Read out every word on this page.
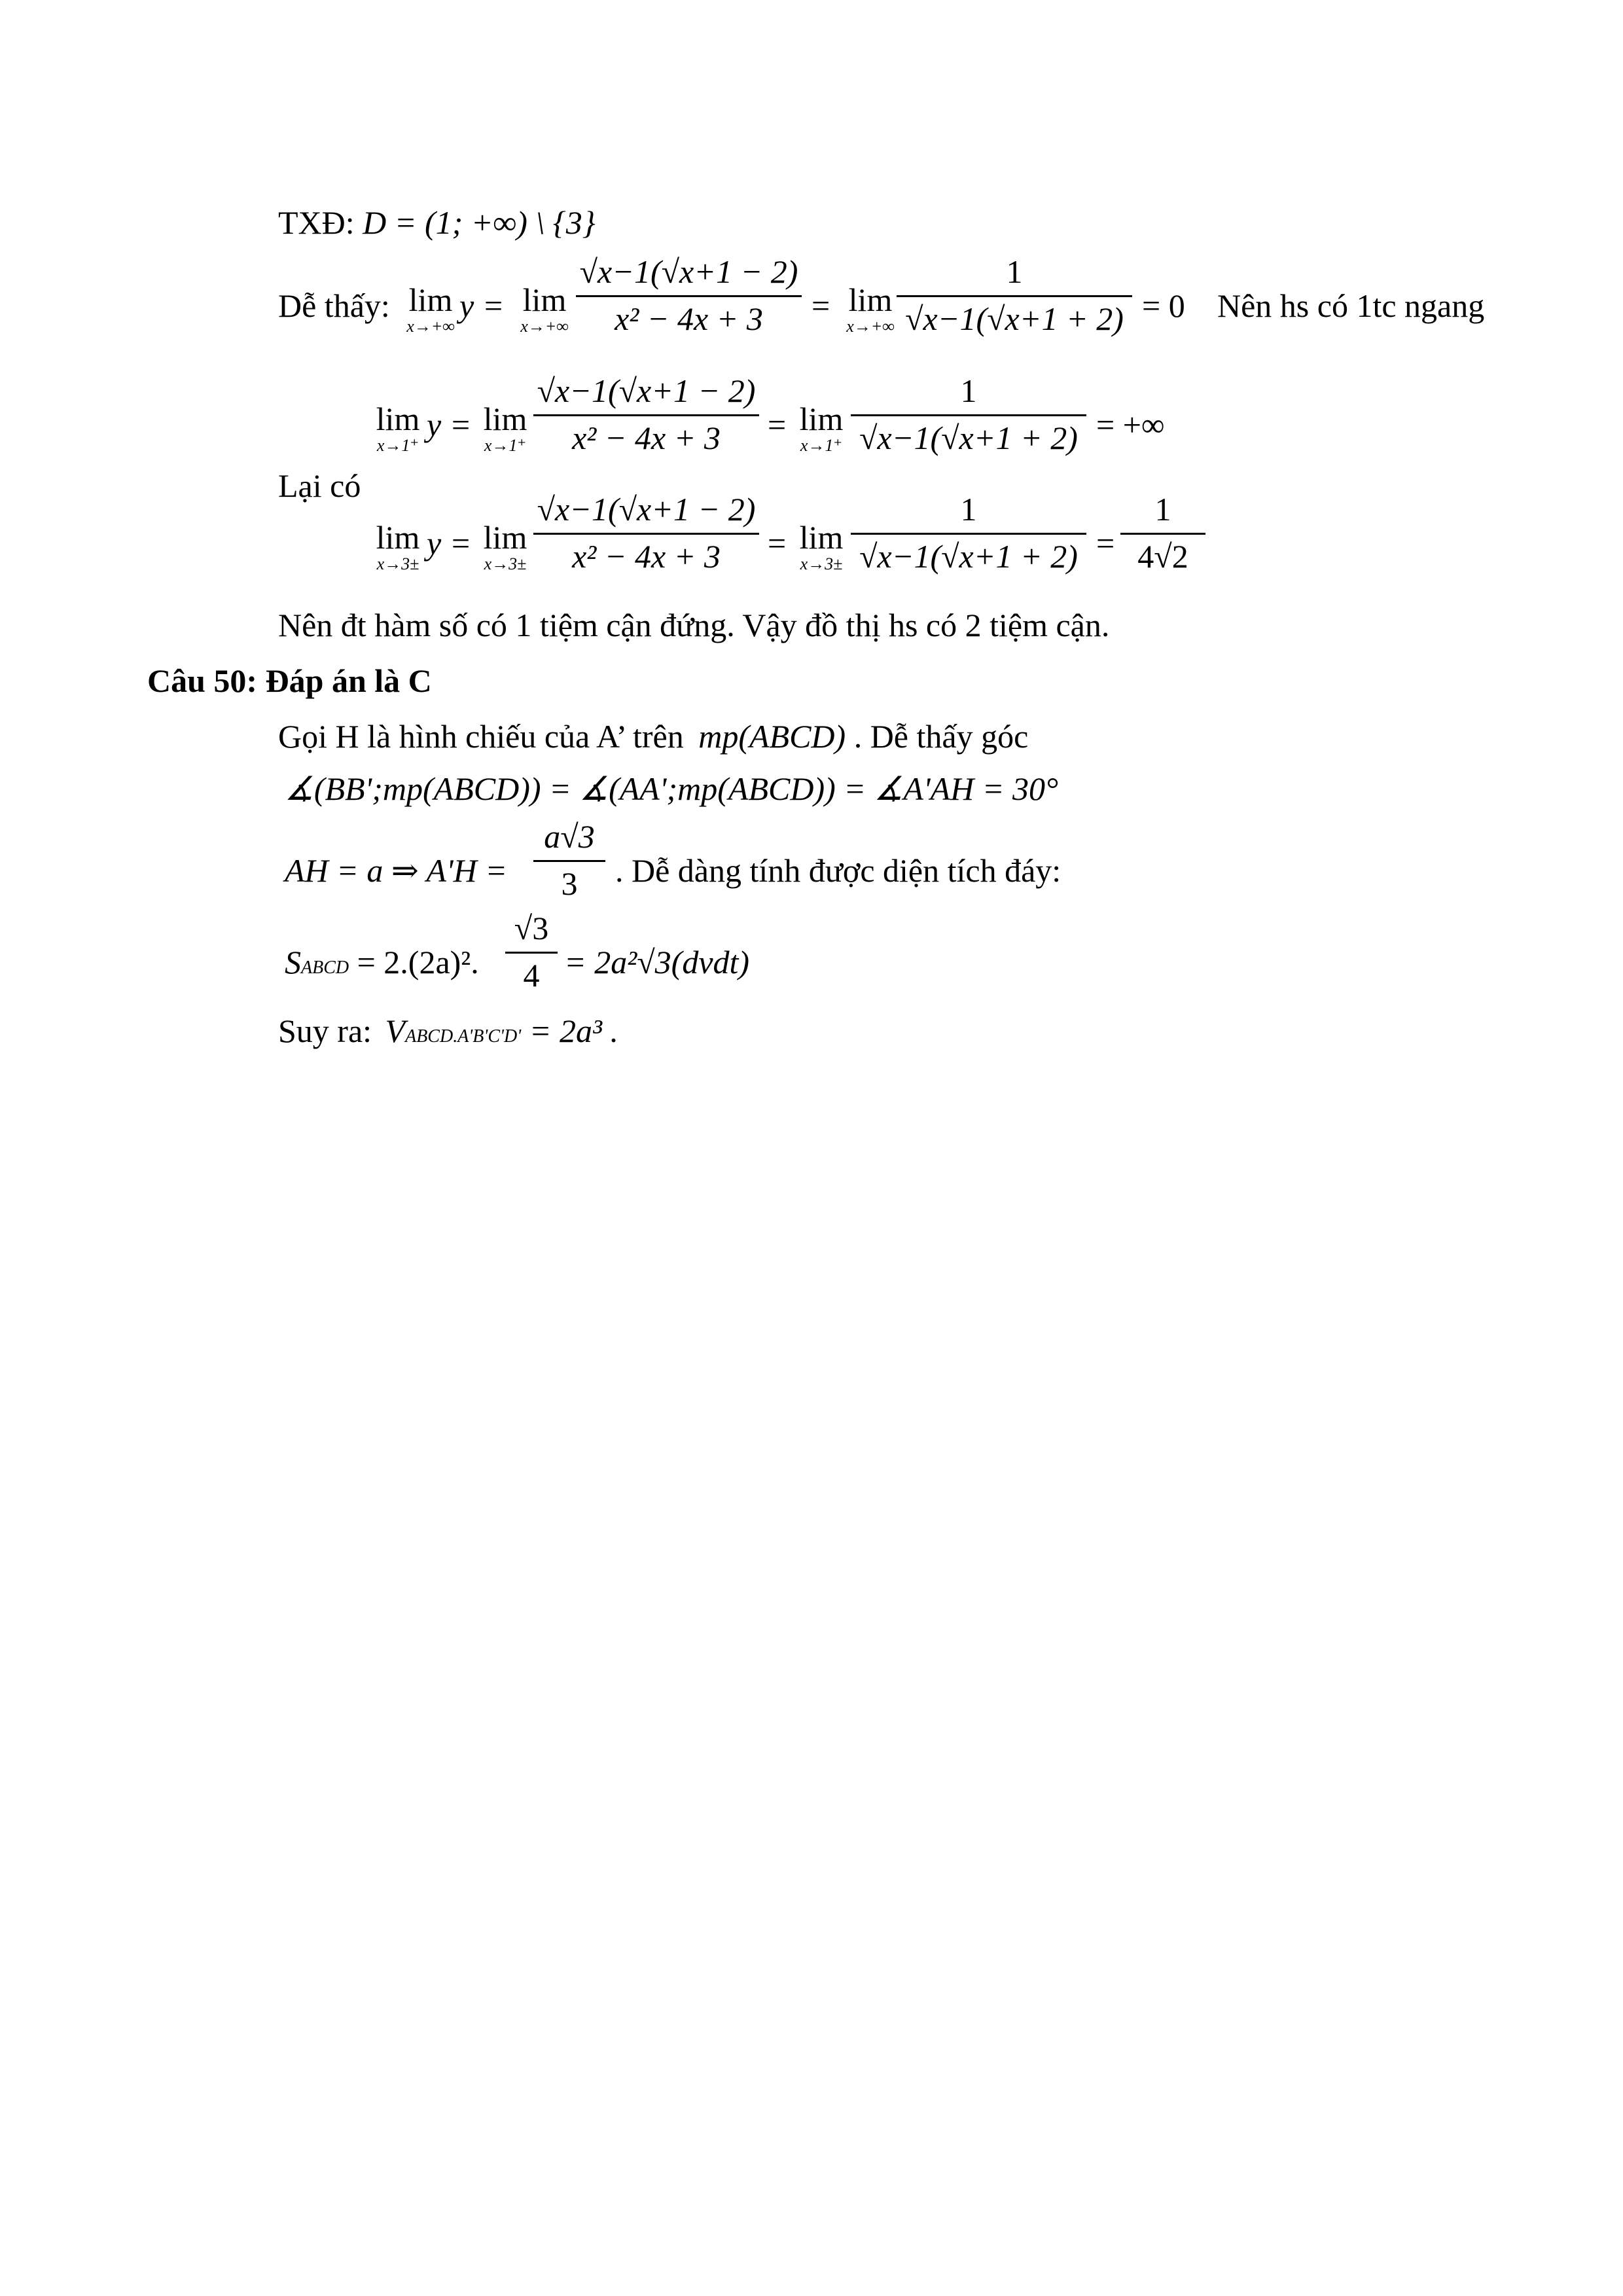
TXĐ: D = (1; +∞) \ {3}
Dễ thấy: lim
x→+∞
y = lim
x→+∞
√x−1(√x+1 − 2)
x² − 4x + 3	= lim
x→+∞
1
√x−1(√x+1 + 2) = 0 Nên hs có 1tc ngang
lim
x→1⁺
y = lim
x→1⁺
√x−1(√x+1 − 2)
x² − 4x + 3	= lim
x→1⁺
1
√x−1(√x+1 + 2) = +∞
Lại có
lim
x→3±
y = lim
x→3±
√x−1(√x+1 − 2)
x² − 4x + 3	= lim
x→3±
1
√x−1(√x+1 + 2) =
1
4√2
Nên đt hàm số có 1 tiệm cận đứng. Vậy đồ thị hs có 2 tiệm cận.
Câu 50: Đáp án là C
Gọi H là hình chiếu của A’ trên mp(ABCD) . Dễ thấy góc
∡(BB';mp(ABCD)) = ∡(AA';mp(ABCD)) = ∡A'AH = 30°
AH = a ⇒ A'H =
a√3
3	. Dễ dàng tính được diện tích đáy:
SABCD = 2.(2a)².
√3
4 = 2a²√3(dvdt)
Suy ra: VABCD.A'B'C'D' = 2a³ .
